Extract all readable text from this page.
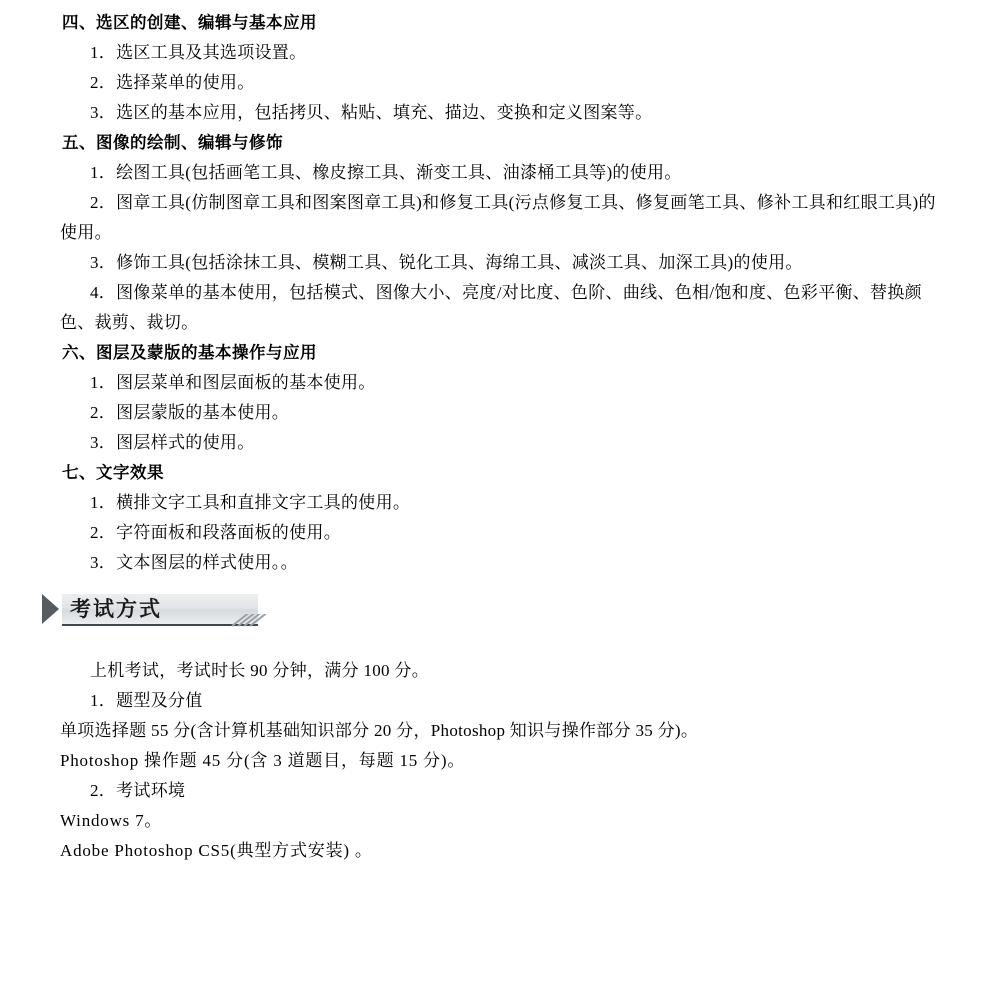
四、选区的创建、编辑与基本应用

1．选区工具及其选项设置。

2．选择菜单的使用。

3．选区的基本应用，包括拷贝、粘贴、填充、描边、变换和定义图案等。

五、图像的绘制、编辑与修饰

1．绘图工具(包括画笔工具、橡皮擦工具、渐变工具、油漆桶工具等)的使用。

2．图章工具(仿制图章工具和图案图章工具)和修复工具(污点修复工具、修复画笔工具、修补工具和红眼工具)的使用。

3．修饰工具(包括涂抹工具、模糊工具、锐化工具、海绵工具、减淡工具、加深工具)的使用。

4．图像菜单的基本使用，包括模式、图像大小、亮度/对比度、色阶、曲线、色相/饱和度、色彩平衡、替换颜色、裁剪、裁切。

六、图层及蒙版的基本操作与应用

1．图层菜单和图层面板的基本使用。

2．图层蒙版的基本使用。

3．图层样式的使用。

七、文字效果

1．横排文字工具和直排文字工具的使用。

2．字符面板和段落面板的使用。

3．文本图层的样式使用。。

考试方式

上机考试，考试时长 90 分钟，满分 100 分。

1．题型及分值

单项选择题 55 分(含计算机基础知识部分 20 分，Photoshop 知识与操作部分 35 分)。

Photoshop 操作题 45 分(含 3 道题目，每题 15 分)。

2．考试环境

Windows 7。

Adobe Photoshop CS5(典型方式安装) 。
